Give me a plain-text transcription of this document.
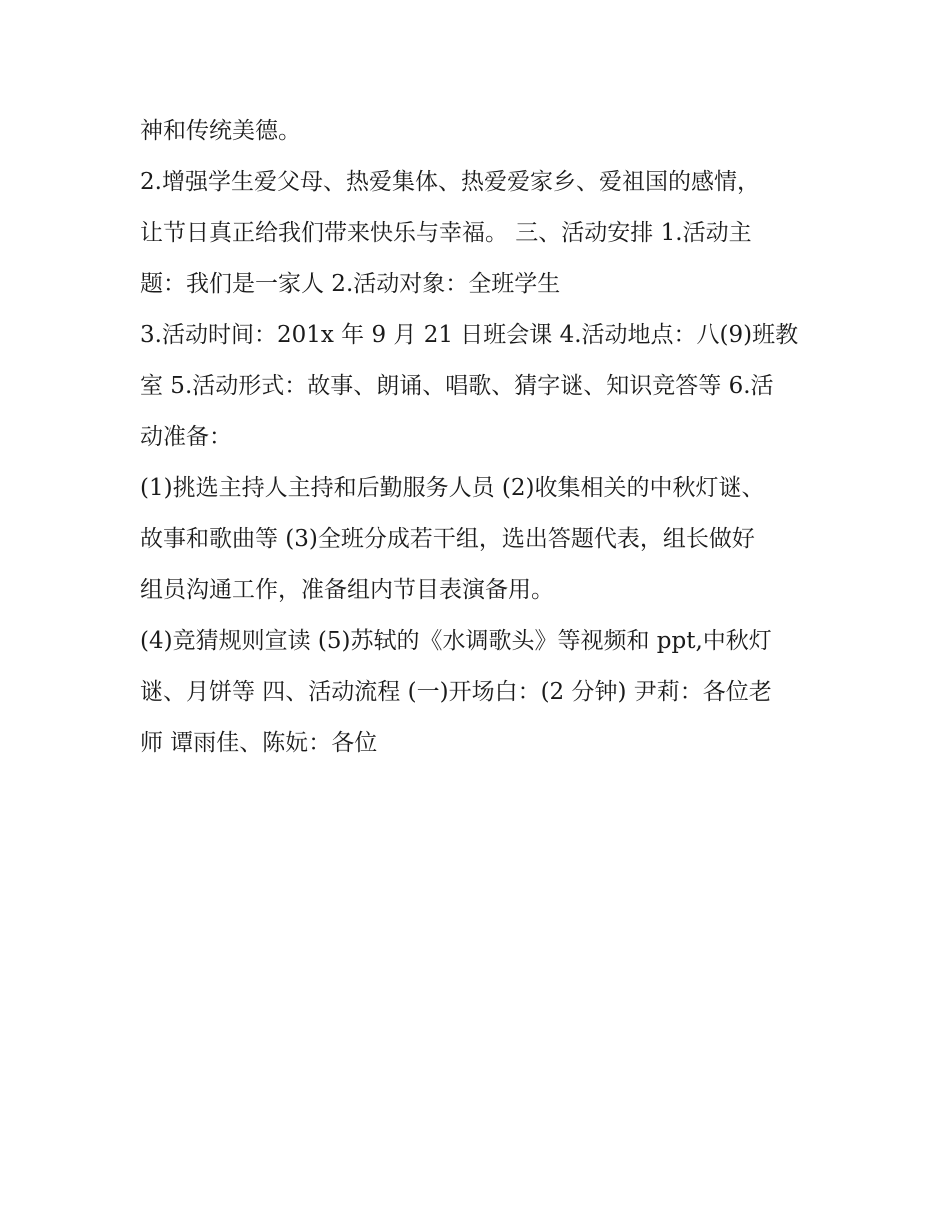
神和传统美德。
2.增强学生爱父母、热爱集体、热爱爱家乡、爱祖国的感情，
让节日真正给我们带来快乐与幸福。 三、活动安排 1.活动主
题：我们是一家人 2.活动对象：全班学生
3.活动时间：201x 年 9 月 21 日班会课 4.活动地点：八(9)班教
室 5.活动形式：故事、朗诵、唱歌、猜字谜、知识竞答等 6.活
动准备：
(1)挑选主持人主持和后勤服务人员 (2)收集相关的中秋灯谜、
故事和歌曲等 (3)全班分成若干组，选出答题代表，组长做好
组员沟通工作，准备组内节目表演备用。
(4)竞猜规则宣读 (5)苏轼的《水调歌头》等视频和 ppt,中秋灯
谜、月饼等 四、活动流程 (一)开场白：(2 分钟) 尹莉：各位老
师 谭雨佳、陈妧：各位
